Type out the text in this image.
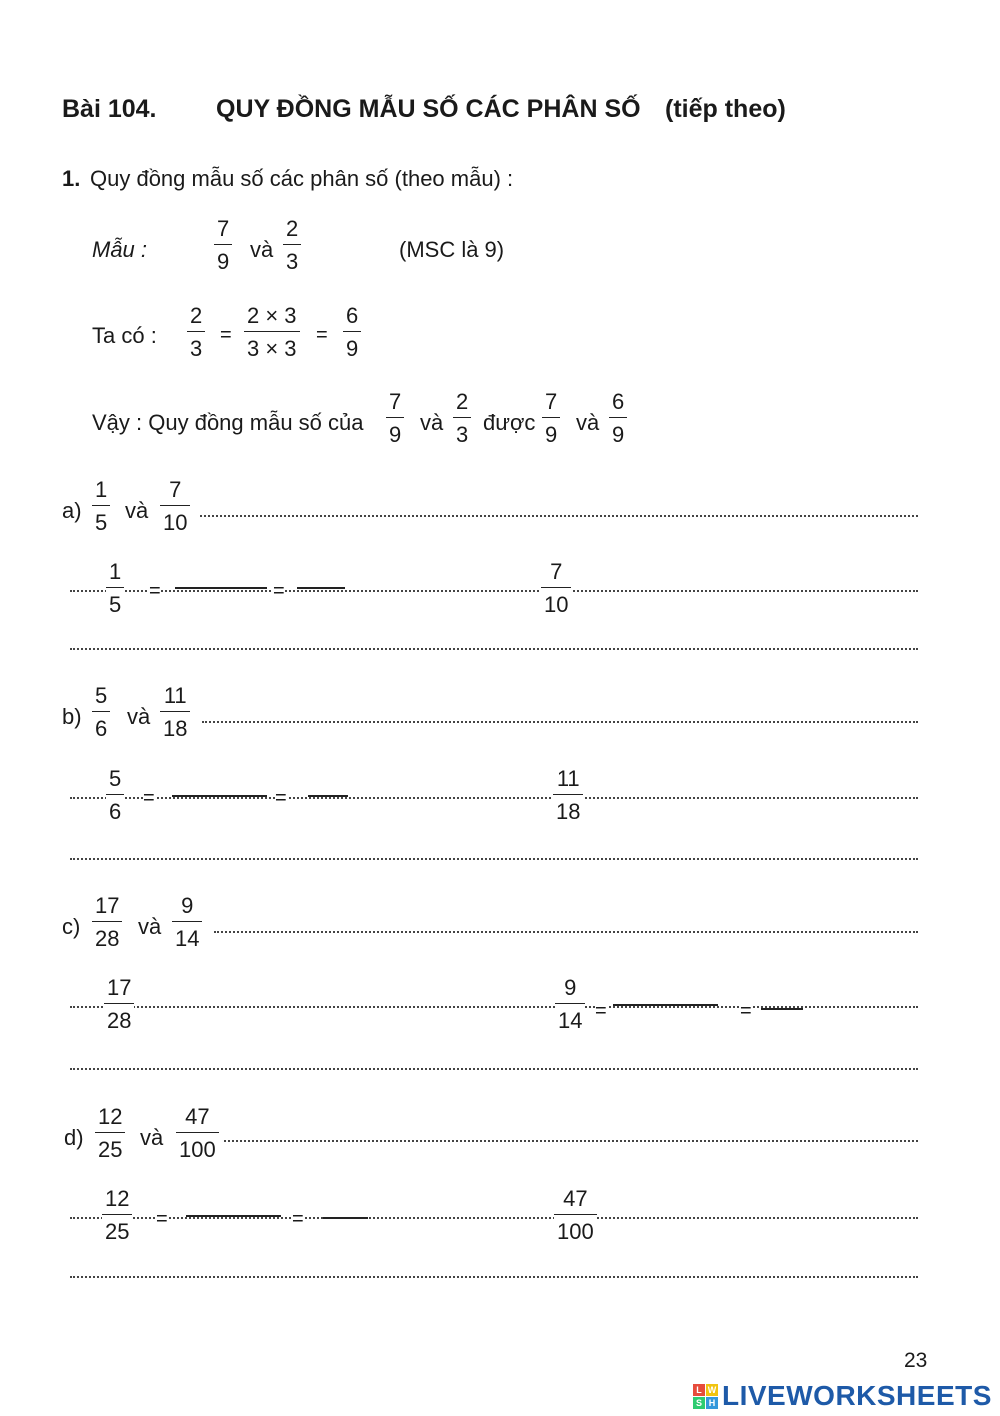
Bài 104. QUY ĐỒNG MẪU SỐ CÁC PHÂN SỐ (tiếp theo)
1. Quy đồng mẫu số các phân số (theo mẫu) :
Mẫu :
7
9 và
2
3	(MSC là 9)
Ta có :
2
3
=
2 × 3
3 × 3
=
6
9
Vậy : Quy đồng mẫu số của
7
9 và
2
3 được
7
9 và
6
9
a)
1
5 và
7
10
1
5
=	=
7
10
b)
5
6 và
11
18
5
6
=	=
11
18
c)
17
28 và
9
14
17
28
9
14 =	=
d)
12
25 và
47
100
12
25 =	=
47
100
23
L W
S H LIVEWORKSHEETS
